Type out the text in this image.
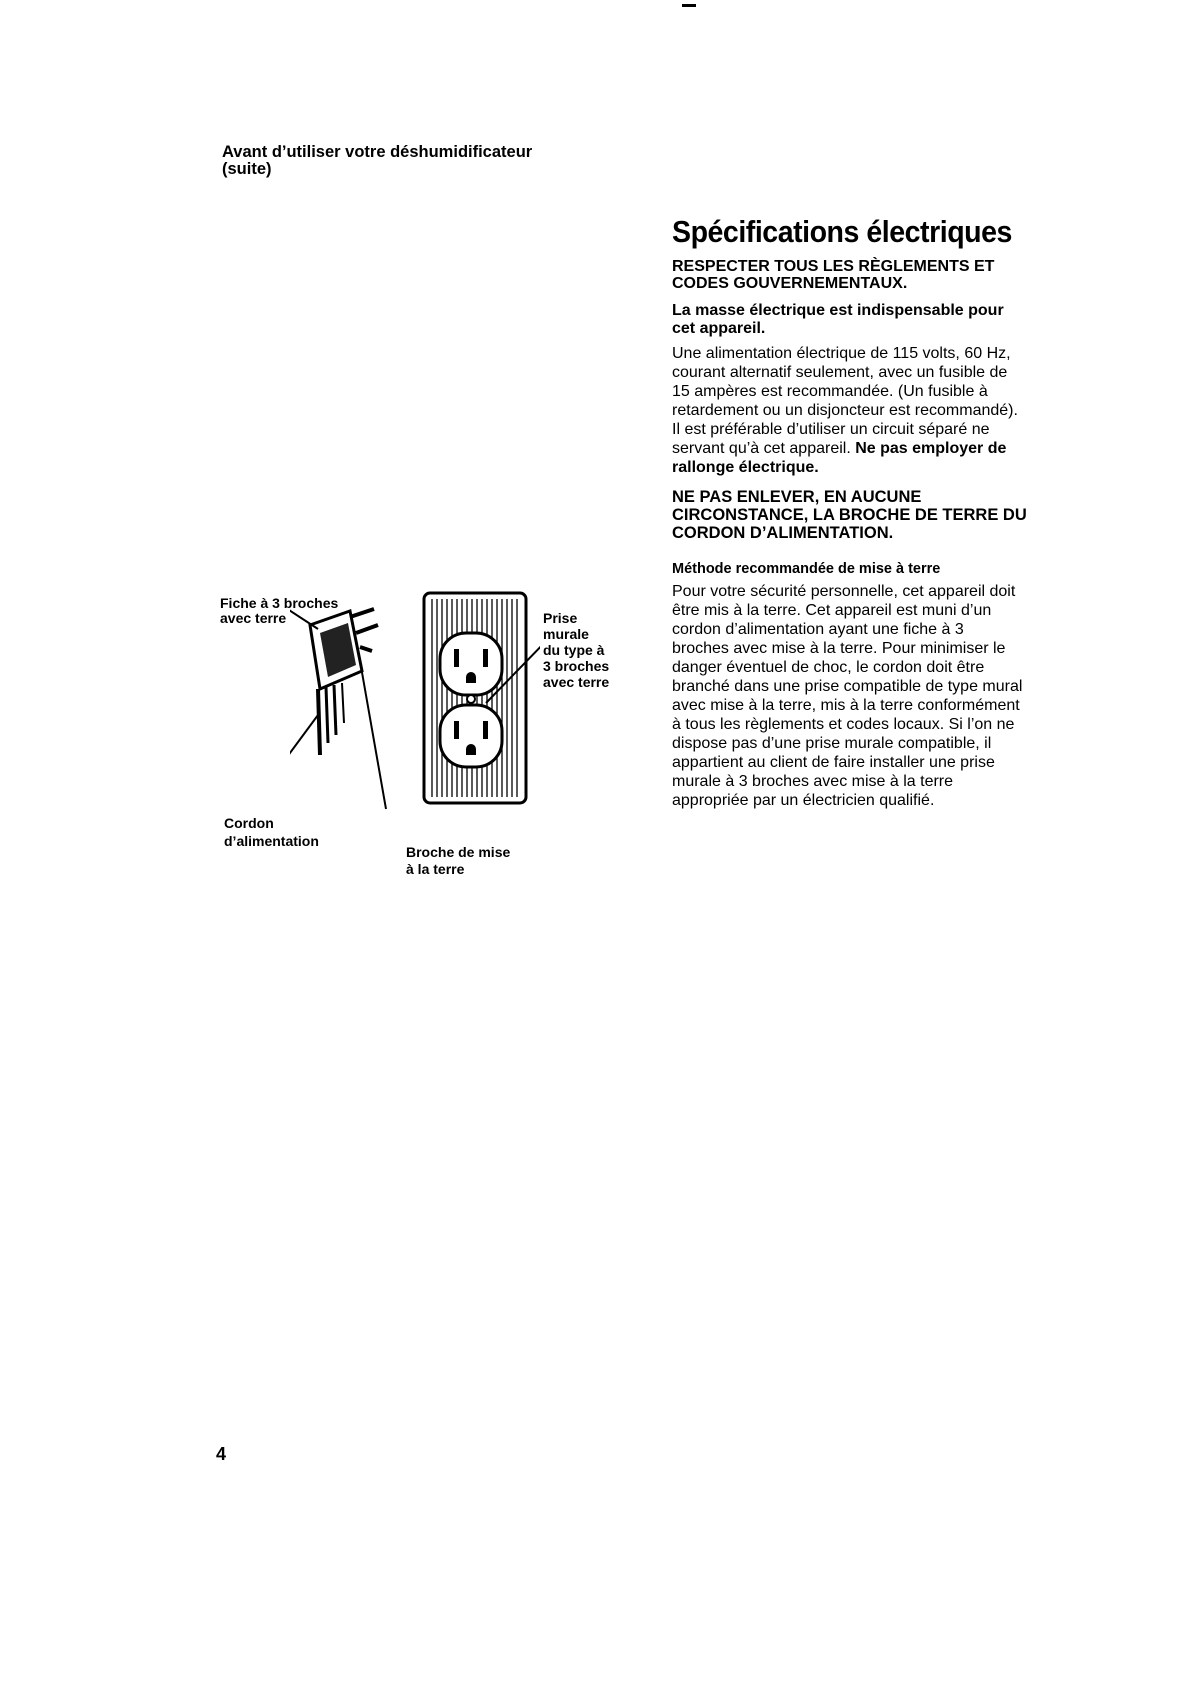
Avant d’utiliser votre déshumidificateur
(suite)
Spécifications électriques
RESPECTER TOUS LES RÈGLEMENTS ET
CODES GOUVERNEMENTAUX.
La masse électrique est indispensable pour
cet appareil.
Une alimentation électrique de 115 volts, 60 Hz,
courant alternatif seulement, avec un fusible de
15 ampères est recommandée. (Un fusible à
retardement ou un disjoncteur est recommandé).
Il est préférable d’utiliser un circuit séparé ne
servant qu’à cet appareil. Ne pas employer de
rallonge électrique.
NE PAS ENLEVER, EN AUCUNE
CIRCONSTANCE, LA BROCHE DE TERRE DU
CORDON D’ALIMENTATION.
Méthode recommandée de mise à terre
Pour votre sécurité personnelle, cet appareil doit
être mis à la terre. Cet appareil est muni d’un
cordon d’alimentation ayant une fiche à 3
broches avec mise à la terre. Pour minimiser le
danger éventuel de choc, le cordon doit être
branché dans une prise compatible de type mural
avec mise à la terre, mis à la terre conformément
à tous les règlements et codes locaux. Si l’on ne
dispose pas d’une prise murale compatible, il
appartient au client de faire installer une prise
murale à 3 broches avec mise à la terre
appropriée par un électricien qualifié.
Fiche à 3 broches
avec terre	Prise
murale
du type à
3 broches
avec terre
Cordon
d’alimentation
Broche de mise
à la terre
4
